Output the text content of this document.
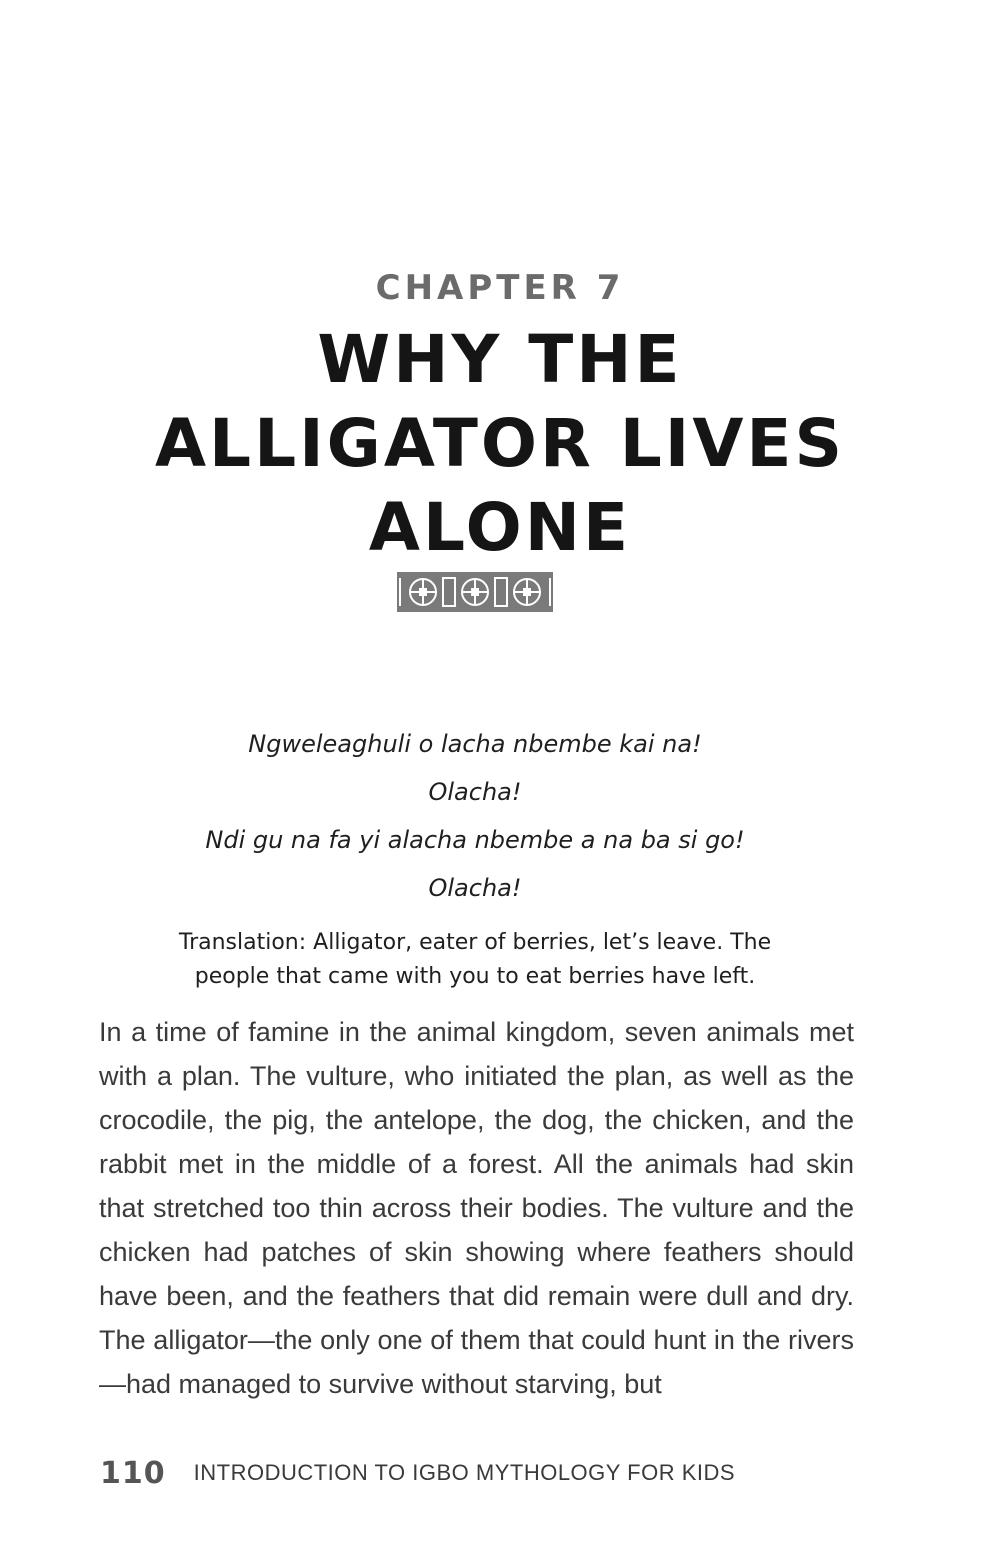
CHAPTER 7
WHY THE
ALLIGATOR LIVES
ALONE
Ngweleaghuli o lacha nbembe kai na!
Olacha!
Ndi gu na fa yi alacha nbembe a na ba si go!
Olacha!
Translation: Alligator, eater of berries, let’s leave. The people that came with you to eat berries have left.
In a time of famine in the animal kingdom, seven animals met with a plan. The vulture, who initiated the plan, as well as the crocodile, the pig, the antelope, the dog, the chicken, and the rabbit met in the middle of a forest. All the animals had skin that stretched too thin across their bodies. The vulture and the chicken had patches of skin showing where feathers should have been, and the feathers that did remain were dull and dry. The alligator—the only one of them that could hunt in the rivers—had managed to survive without starving, but
110 INTRODUCTION TO IGBO MYTHOLOGY FOR KIDS
